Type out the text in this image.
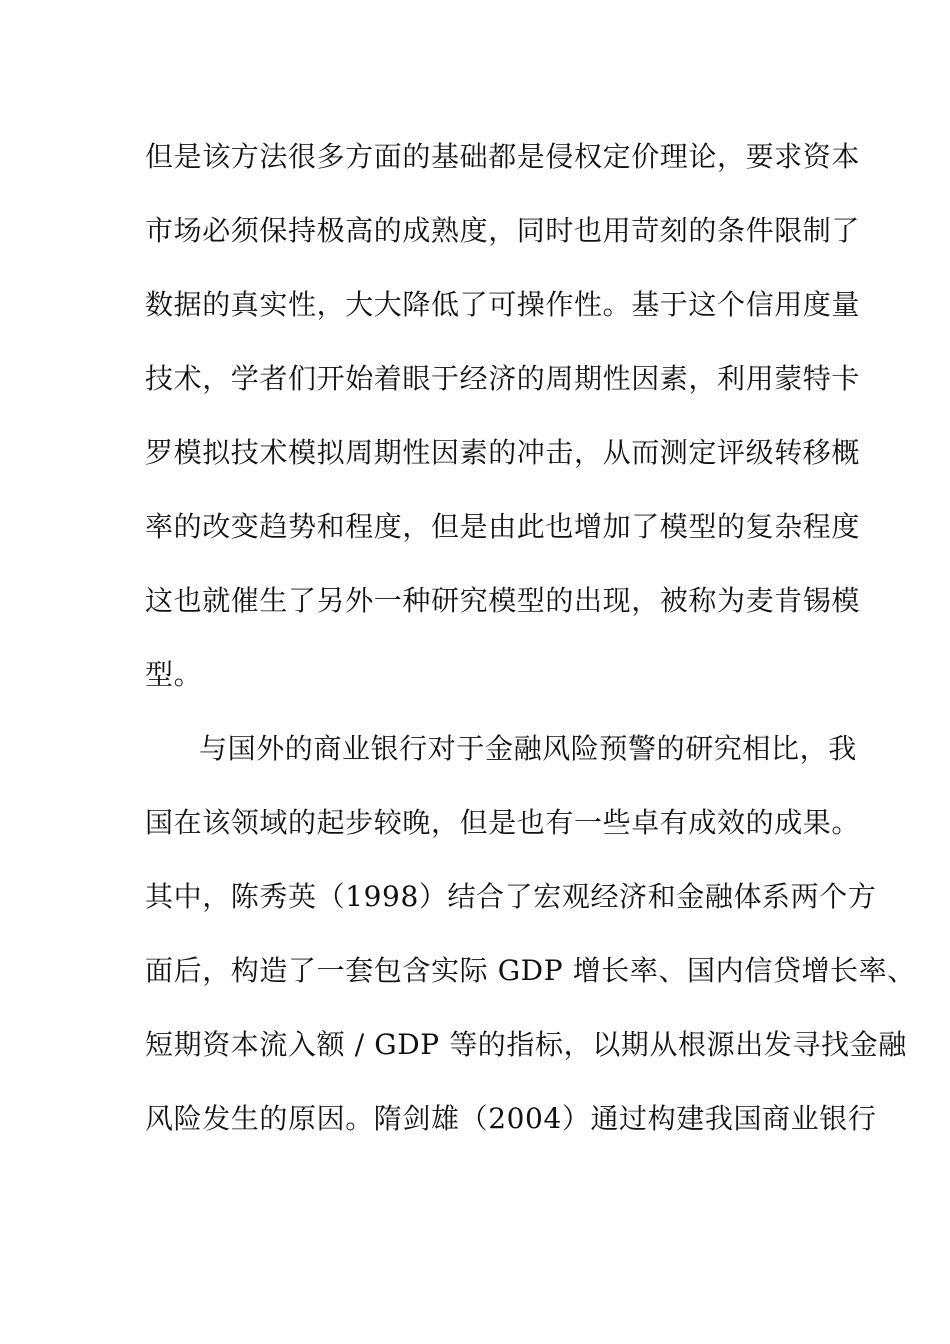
但是该方法很多方面的基础都是侵权定价理论，要求资本
市场必须保持极高的成熟度，同时也用苛刻的条件限制了
数据的真实性，大大降低了可操作性。基于这个信用度量
技术，学者们开始着眼于经济的周期性因素，利用蒙特卡
罗模拟技术模拟周期性因素的冲击，从而测定评级转移概
率的改变趋势和程度，但是由此也增加了模型的复杂程度
这也就催生了另外一种研究模型的出现，被称为麦肯锡模
型。
与国外的商业银行对于金融风险预警的研究相比，我
国在该领域的起步较晚，但是也有一些卓有成效的成果。
其中，陈秀英（1998）结合了宏观经济和金融体系两个方
面后，构造了一套包含实际 GDP 增长率、国内信贷增长率、
短期资本流入额 / GDP 等的指标，以期从根源出发寻找金融
风险发生的原因。隋剑雄（2004）通过构建我国商业银行
